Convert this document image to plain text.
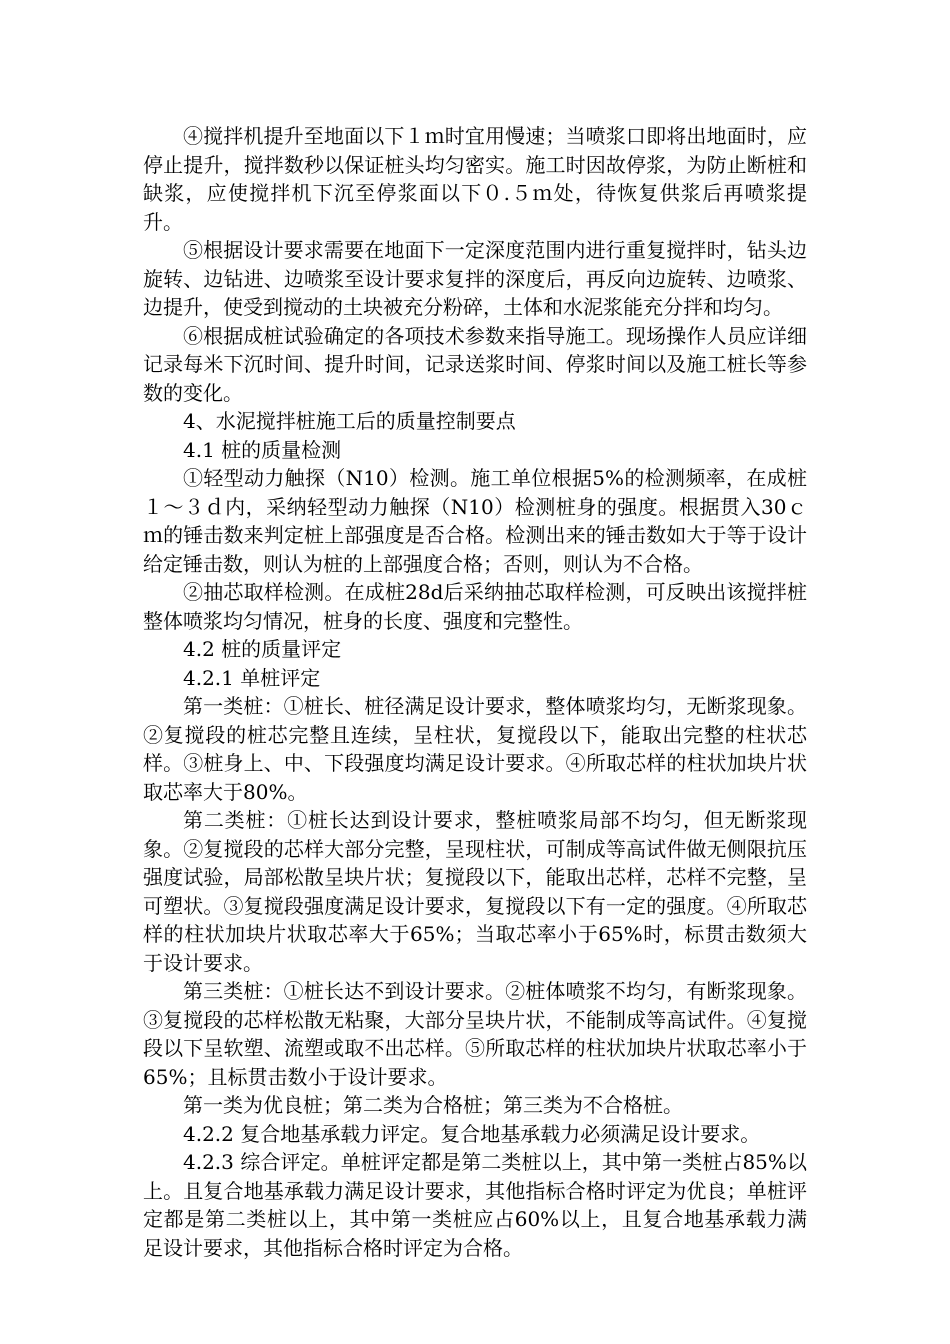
④搅拌机提升至地面以下１ｍ时宜用慢速；当喷浆口即将出地面时，应停止提升，搅拌数秒以保证桩头均匀密实。施工时因故停浆，为防止断桩和缺浆，应使搅拌机下沉至停浆面以下０.５ｍ处，待恢复供浆后再喷浆提升。

⑤根据设计要求需要在地面下一定深度范围内进行重复搅拌时，钻头边旋转、边钻进、边喷浆至设计要求复拌的深度后，再反向边旋转、边喷浆、边提升，使受到搅动的土块被充分粉碎，土体和水泥浆能充分拌和均匀。

⑥根据成桩试验确定的各项技术参数来指导施工。现场操作人员应详细记录每米下沉时间、提升时间，记录送浆时间、停浆时间以及施工桩长等参数的变化。

4、水泥搅拌桩施工后的质量控制要点

4.1 桩的质量检测

①轻型动力触探（N10）检测。施工单位根据5%的检测频率，在成桩１～３ｄ内，采纳轻型动力触探（N10）检测桩身的强度。根据贯入30ｃｍ的锤击数来判定桩上部强度是否合格。检测出来的锤击数如大于等于设计给定锤击数，则认为桩的上部强度合格；否则，则认为不合格。

②抽芯取样检测。在成桩28d后采纳抽芯取样检测，可反映出该搅拌桩整体喷浆均匀情况，桩身的长度、强度和完整性。

4.2 桩的质量评定

4.2.1 单桩评定

第一类桩：①桩长、桩径满足设计要求，整体喷浆均匀，无断浆现象。②复搅段的桩芯完整且连续，呈柱状，复搅段以下，能取出完整的柱状芯样。③桩身上、中、下段强度均满足设计要求。④所取芯样的柱状加块片状取芯率大于80%。

第二类桩：①桩长达到设计要求，整桩喷浆局部不均匀，但无断浆现象。②复搅段的芯样大部分完整，呈现柱状，可制成等高试件做无侧限抗压强度试验，局部松散呈块片状；复搅段以下，能取出芯样，芯样不完整，呈可塑状。③复搅段强度满足设计要求，复搅段以下有一定的强度。④所取芯样的柱状加块片状取芯率大于65%；当取芯率小于65%时，标贯击数须大于设计要求。

第三类桩：①桩长达不到设计要求。②桩体喷浆不均匀，有断浆现象。③复搅段的芯样松散无粘聚，大部分呈块片状，不能制成等高试件。④复搅段以下呈软塑、流塑或取不出芯样。⑤所取芯样的柱状加块片状取芯率小于65%；且标贯击数小于设计要求。

第一类为优良桩；第二类为合格桩；第三类为不合格桩。

4.2.2 复合地基承载力评定。复合地基承载力必须满足设计要求。

4.2.3 综合评定。单桩评定都是第二类桩以上，其中第一类桩占85%以上。且复合地基承载力满足设计要求，其他指标合格时评定为优良；单桩评定都是第二类桩以上，其中第一类桩应占60%以上，且复合地基承载力满足设计要求，其他指标合格时评定为合格。
